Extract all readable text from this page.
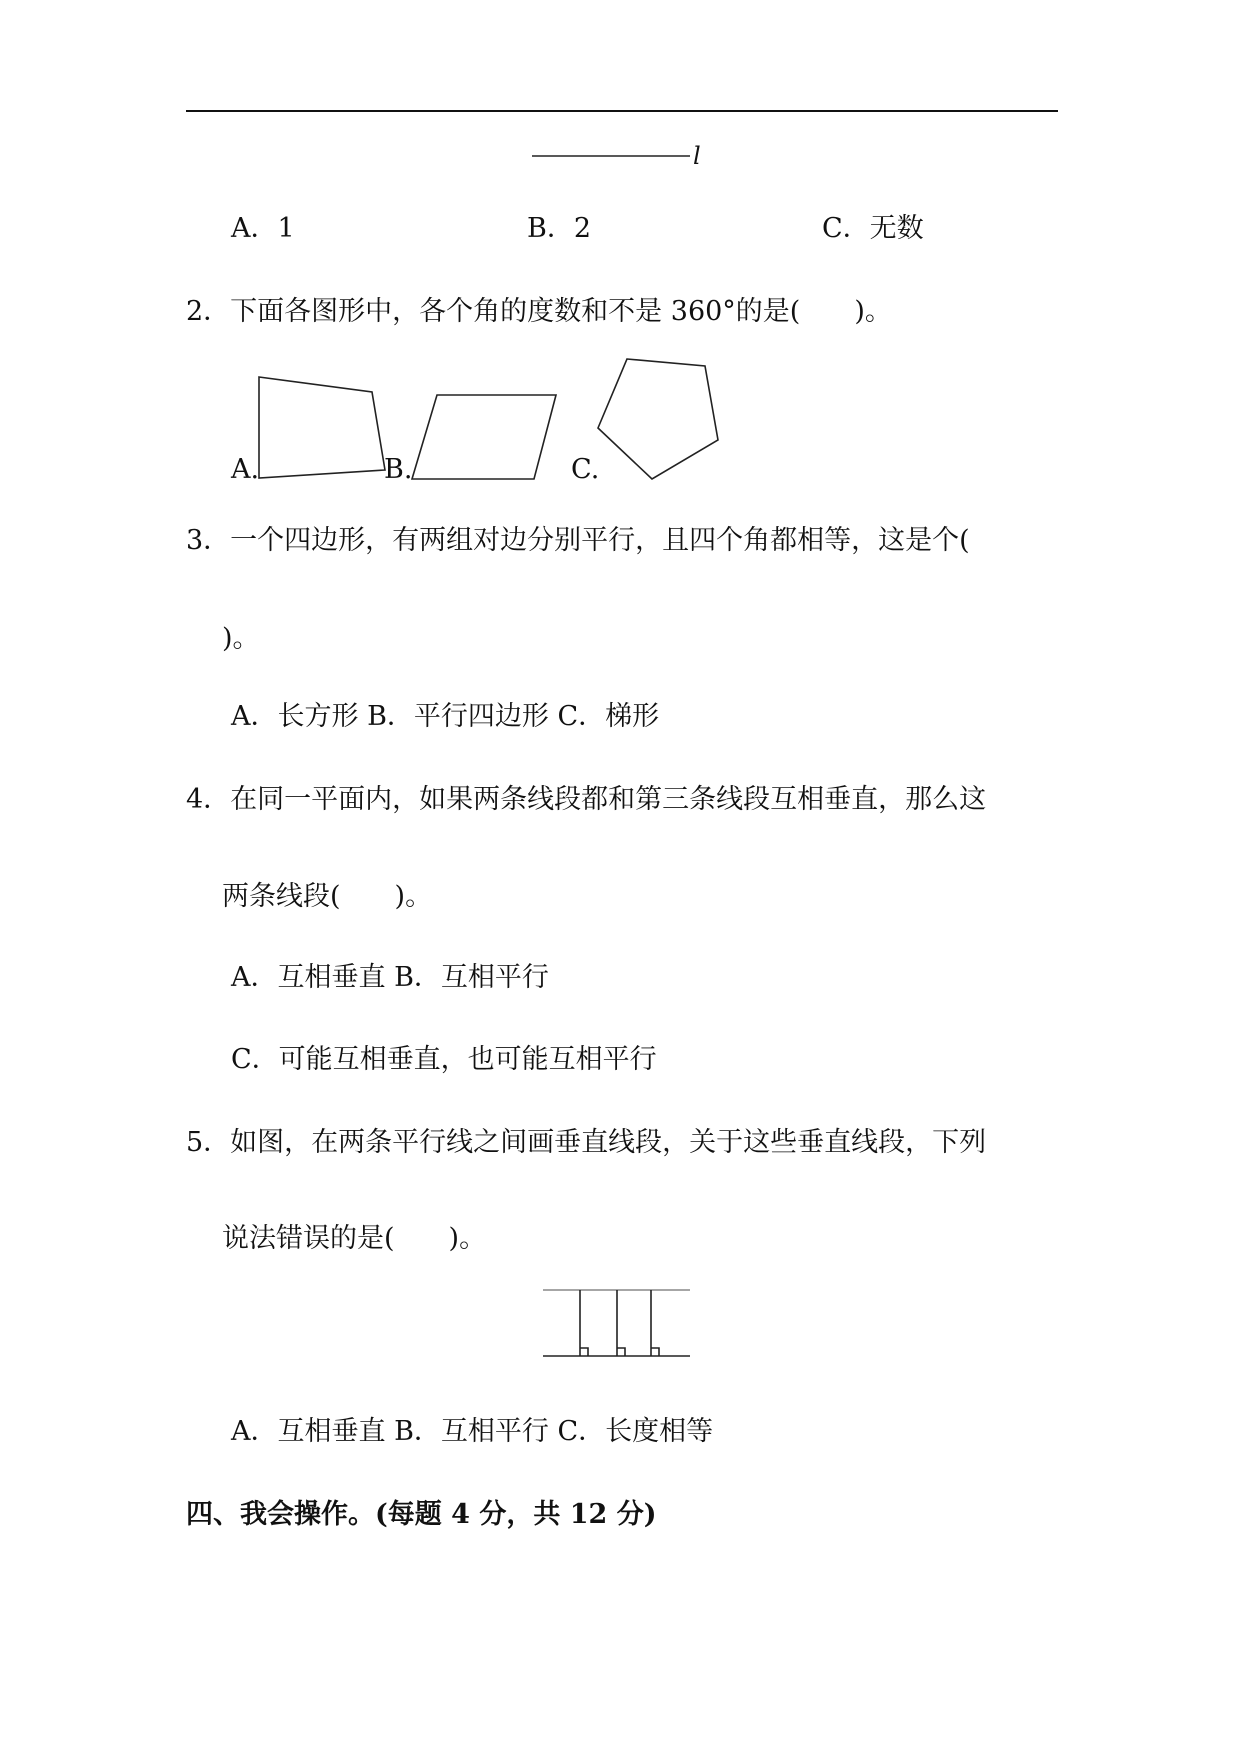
l
A．1	B．2	C．无数
2．下面各图形中，各个角的度数和不是 360°的是(　　)。
A.	B.	C.
3．一个四边形，有两组对边分别平行，且四个角都相等，这是个(
)。
A．长方形 B．平行四边形 C．梯形
4．在同一平面内，如果两条线段都和第三条线段互相垂直，那么这
两条线段(　　)。
A．互相垂直 B．互相平行
C．可能互相垂直，也可能互相平行
5．如图，在两条平行线之间画垂直线段，关于这些垂直线段，下列
说法错误的是(　　)。
A．互相垂直 B．互相平行 C．长度相等
四、我会操作。(每题 4 分，共 12 分)
